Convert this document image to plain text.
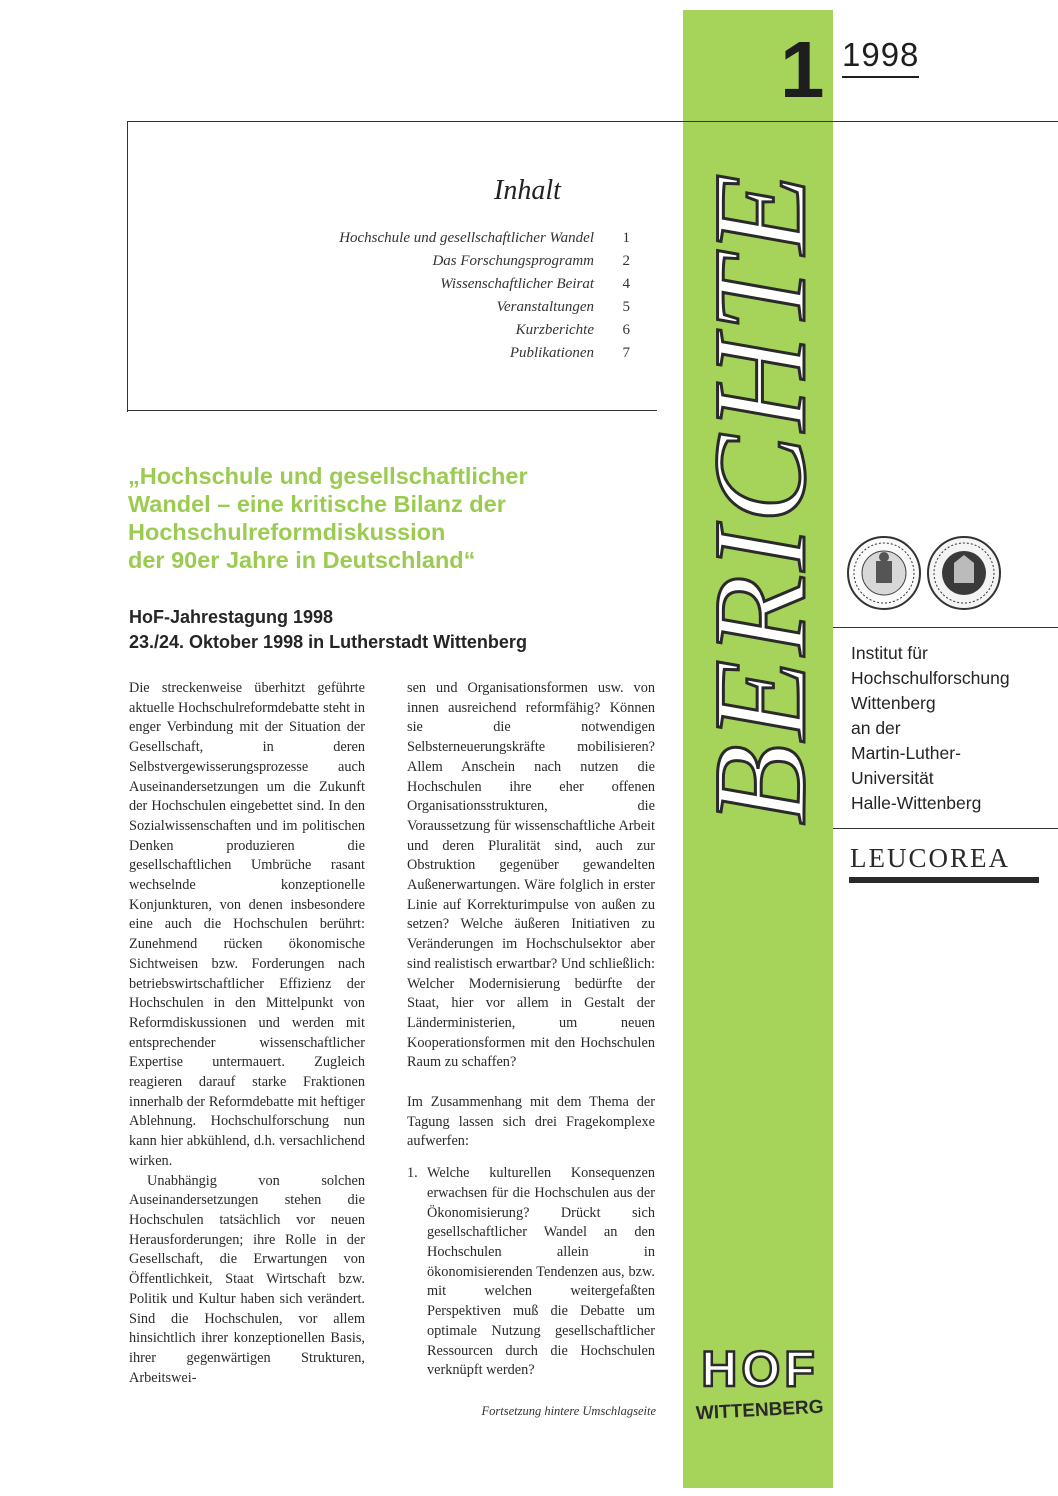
1 1998
BERICHTE
Inhalt
Hochschule und gesellschaftlicher Wandel	1
Das Forschungsprogramm	2
Wissenschaftlicher Beirat	4
Veranstaltungen	5
Kurzberichte	6
Publikationen	7
„Hochschule und gesellschaftlicher
Wandel – eine kritische Bilanz der
Hochschulreformdiskussion
der 90er Jahre in Deutschland“
HoF-Jahrestagung 1998
23./24. Oktober 1998 in Lutherstadt Wittenberg

Die streckenweise überhitzt geführte aktuelle Hochschulreformdebatte steht in enger Verbindung mit der Situation der Gesellschaft, in deren Selbstvergewisserungsprozesse auch Auseinandersetzungen um die Zukunft der Hochschulen eingebettet sind. In den Sozialwissenschaften und im politischen Denken produzieren die gesellschaftlichen Umbrüche rasant wechselnde konzeptionelle Konjunkturen, von denen insbesondere eine auch die Hochschulen berührt: Zunehmend rücken ökonomische Sichtweisen bzw. Forderungen nach betriebswirtschaftlicher Effizienz der Hochschulen in den Mittelpunkt von Reformdiskussionen und werden mit entsprechender wissenschaftlicher Expertise untermauert. Zugleich reagieren darauf starke Fraktionen innerhalb der Reformdebatte mit heftiger Ablehnung. Hochschulforschung nun kann hier abkühlend, d.h. versachlichend wirken.

Unabhängig von solchen Auseinandersetzungen stehen die Hochschulen tatsächlich vor neuen Herausforderungen; ihre Rolle in der Gesellschaft, die Erwartungen von Öffentlichkeit, Staat Wirtschaft bzw. Politik und Kultur haben sich verändert. Sind die Hochschulen, vor allem hinsichtlich ihrer konzeptionellen Basis, ihrer gegenwärtigen Strukturen, Arbeitswei-

sen und Organisationsformen usw. von innen ausreichend reformfähig? Können sie die notwendigen Selbsterneuerungskräfte mobilisieren? Allem Anschein nach nutzen die Hochschulen ihre eher offenen Organisationsstrukturen, die Voraussetzung für wissenschaftliche Arbeit und deren Pluralität sind, auch zur Obstruktion gegenüber gewandelten Außenerwartungen. Wäre folglich in erster Linie auf Korrekturimpulse von außen zu setzen? Welche äußeren Initiativen zu Veränderungen im Hochschulsektor aber sind realistisch erwartbar? Und schließlich: Welcher Modernisierung bedürfte der Staat, hier vor allem in Gestalt der Länderministerien, um neuen Kooperationsformen mit den Hochschulen Raum zu schaffen?

Im Zusammenhang mit dem Thema der Tagung lassen sich drei Fragekomplexe aufwerfen:

1. Welche kulturellen Konsequenzen erwachsen für die Hochschulen aus der Ökonomisierung? Drückt sich gesellschaftlicher Wandel an den Hochschulen allein in ökonomisierenden Tendenzen aus, bzw. mit welchen weitergefaßten Perspektiven muß die Debatte um optimale Nutzung gesellschaftlicher Ressourcen durch die Hochschulen verknüpft werden?
Fortsetzung hintere Umschlagseite
Institut für
Hochschulforschung
Wittenberg
an der
Martin-Luther-
Universität
Halle-Wittenberg
LEUCOREA
HOF
WITTENBERG
